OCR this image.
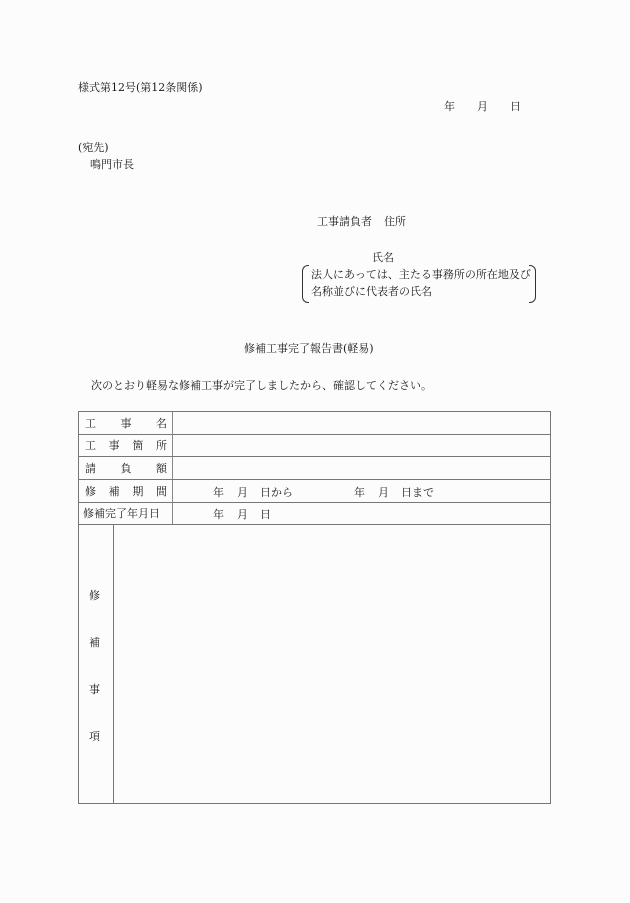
様式第12号(第12条関係)
年 月 日
(宛先)
鳴門市長
工事請負者 住所
氏名
法人にあっては、主たる事務所の所在地及び名称並びに代表者の氏名
修補工事完了報告書(軽易)
次のとおり軽易な修補工事が完了しましたから、確認してください。
工 事 名
工 事 箇 所
請 負 額
修 補 期 間	年 月 日から	年 月 日まで
修補完了年月日	年 月 日
修
補
事
項
